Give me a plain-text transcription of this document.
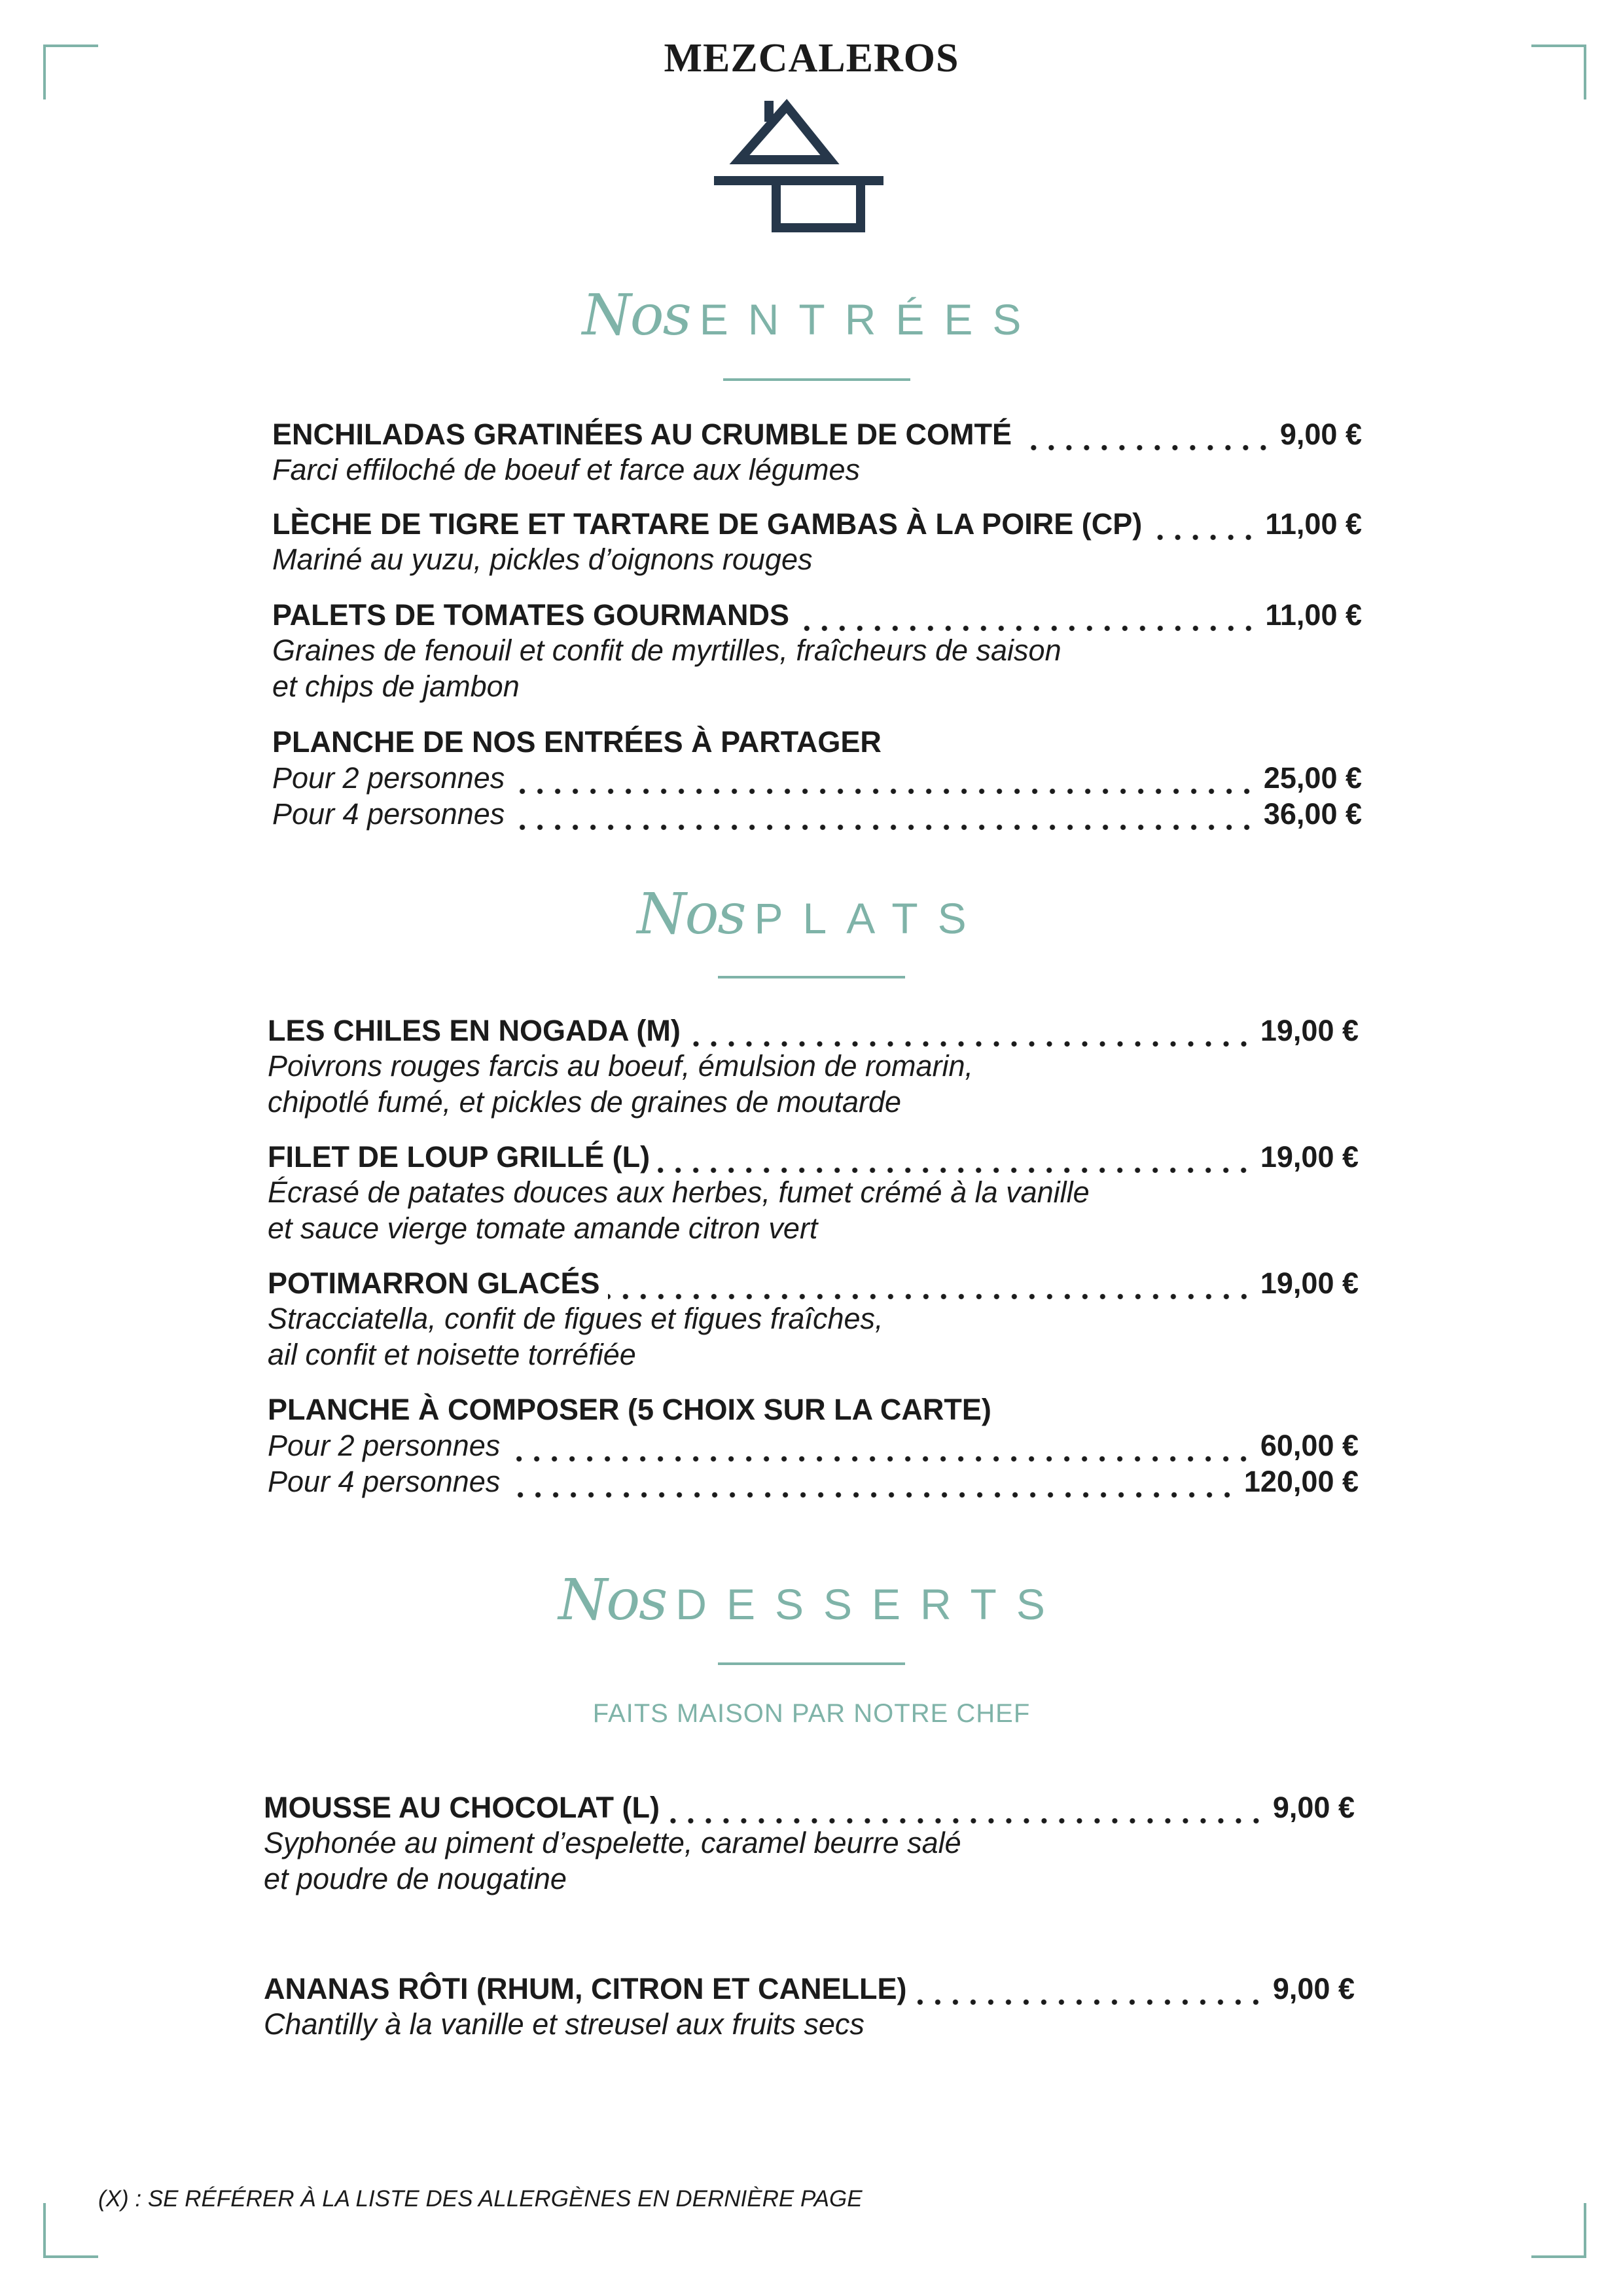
MEZCALEROS
Nos ENTRÉES
ENCHILADAS GRATINÉES AU CRUMBLE DE COMTÉ	9,00 €
Farci effiloché de boeuf et farce aux légumes
LÈCHE DE TIGRE ET TARTARE DE GAMBAS À LA POIRE (CP)	11,00 €
Mariné au yuzu, pickles d’oignons rouges
PALETS DE TOMATES GOURMANDS	11,00 €
Graines de fenouil et confit de myrtilles, fraîcheurs de saison
et chips de jambon
PLANCHE DE NOS ENTRÉES À PARTAGER
Pour 2 personnes	25,00 €
Pour 4 personnes	36,00 €
Nos PLATS
LES CHILES EN NOGADA (M)	19,00 €
Poivrons rouges farcis au boeuf, émulsion de romarin,
chipotlé fumé, et pickles de graines de moutarde
FILET DE LOUP GRILLÉ (L)	19,00 €
Écrasé de patates douces aux herbes, fumet crémé à la vanille
et sauce vierge tomate amande citron vert
POTIMARRON GLACÉS	19,00 €
Stracciatella, confit de figues et figues fraîches,
ail confit et noisette torréfiée
PLANCHE À COMPOSER (5 CHOIX SUR LA CARTE)
Pour 2 personnes	60,00 €
Pour 4 personnes	120,00 €
Nos DESSERTS
FAITS MAISON PAR NOTRE CHEF
MOUSSE AU CHOCOLAT (L)	9,00 €
Syphonée au piment d’espelette, caramel beurre salé
et poudre de nougatine
ANANAS RÔTI (RHUM, CITRON ET CANELLE)	9,00 €
Chantilly à la vanille et streusel aux fruits secs
(X) : SE RÉFÉRER À LA LISTE DES ALLERGÈNES EN DERNIÈRE PAGE
